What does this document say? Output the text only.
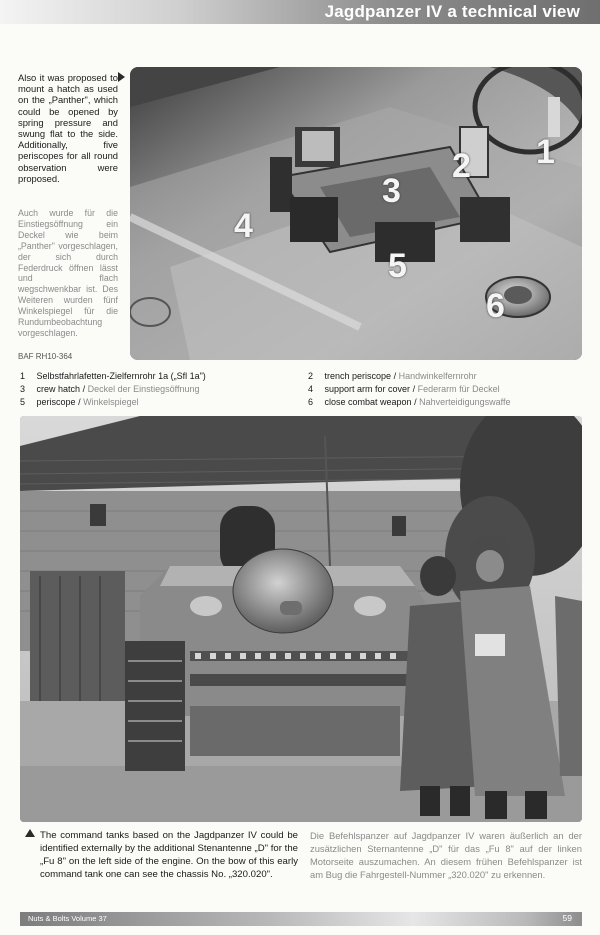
Jagdpanzer IV a technical view
Also it was proposed to mount a hatch as used on the „Panther", which could be opened by spring pressure and swung flat to the side. Additionally, five periscopes for all round observation were proposed.
Auch wurde für die Einstiegsöffnung ein Deckel wie beim „Panther" vorgeschlagen, der sich durch Federdruck öffnen lässt und flach wegschwenkbar ist. Des Weiteren wurden fünf Winkelspiegel für die Rundumbeobachtung vorgeschlagen.
BAF RH10-364
1
2
3
4
5
6
1 Selbstfahrlafetten-Zielfernrohr 1a („Sfl 1a")
3 crew hatch / Deckel der Einstiegsöffnung
5 periscope / Winkelspiegel
2 trench periscope / Handwinkelfernrohr
4 support arm for cover / Federarm für Deckel
6 close combat weapon / Nahverteidigungswaffe
The command tanks based on the Jagdpanzer IV could be identified externally by the additional Stenantenne „D" for the „Fu 8" on the left side of the engine. On the bow of this early command tank one can see the chassis No. „320.020".
Die Befehlspanzer auf Jagdpanzer IV waren äußerlich an der zusätzlichen Sternantenne „D" für das „Fu 8" auf der linken Motorseite auszumachen. An diesem frühen Befehlspanzer ist am Bug die Fahrgestell-Nummer „320.020" zu erkennen.
Nuts & Bolts Volume 37	59
